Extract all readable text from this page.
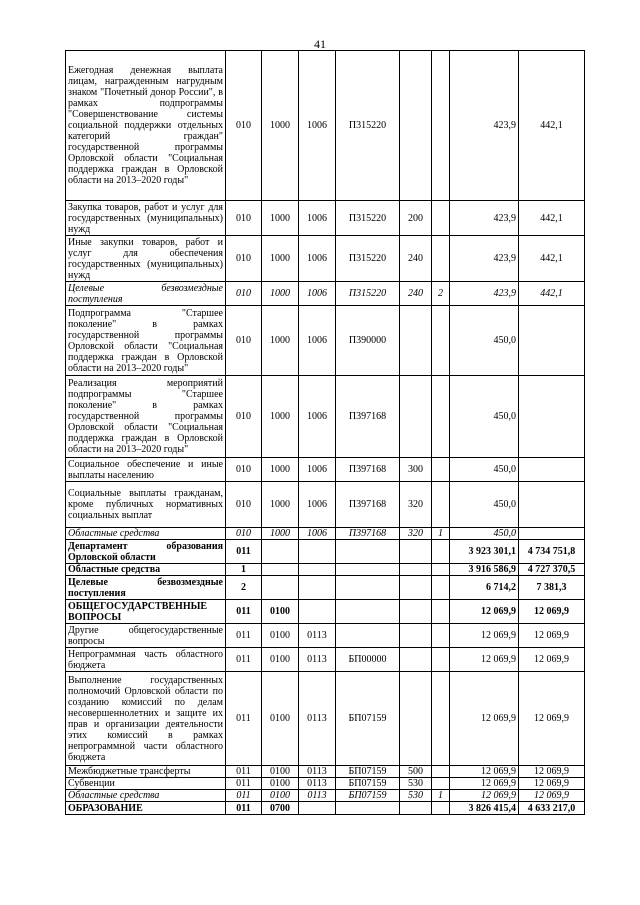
41
Ежегодная денежная выплата лицам, награжденным нагрудным знаком "Почетный донор России", в рамках подпрограммы "Совершенствование системы социальной поддержки отдельных категорий граждан" государственной программы Орловской области "Социальная поддержка граждан в Орловской области на 2013–2020 годы"	010	1000	1006	П315220			423,9	442,1
Закупка товаров, работ и услуг для государственных (муниципальных) нужд	010	1000	1006	П315220	200		423,9	442,1
Иные закупки товаров, работ и услуг для обеспечения государственных (муниципальных) нужд	010	1000	1006	П315220	240		423,9	442,1
Целевые безвозмездные поступления	010	1000	1006	П315220	240	2	423,9	442,1
Подпрограмма "Старшее поколение" в рамках государственной программы Орловской области "Социальная поддержка граждан в Орловской области на 2013–2020 годы"	010	1000	1006	П390000			450,0	
Реализация мероприятий подпрограммы "Старшее поколение" в рамках государственной программы Орловской области "Социальная поддержка граждан в Орловской области на 2013–2020 годы"	010	1000	1006	П397168			450,0	
Социальное обеспечение и иные выплаты населению	010	1000	1006	П397168	300		450,0	
Социальные выплаты гражданам, кроме публичных нормативных социальных выплат	010	1000	1006	П397168	320		450,0	
Областные средства	010	1000	1006	П397168	320	1	450,0	
Департамент образования Орловской области	011						3 923 301,1	4 734 751,8
Областные средства	1						3 916 586,9	4 727 370,5
Целевые безвозмездные поступления	2						6 714,2	7 381,3
ОБЩЕГОСУДАРСТВЕННЫЕ ВОПРОСЫ	011	0100					12 069,9	12 069,9
Другие общегосударственные вопросы	011	0100	0113				12 069,9	12 069,9
Непрограммная часть областного бюджета	011	0100	0113	БП00000			12 069,9	12 069,9
Выполнение государственных полномочий Орловской области по созданию комиссий по делам несовершеннолетних и защите их прав и организации деятельности этих комиссий в рамках непрограммной части областного бюджета	011	0100	0113	БП07159			12 069,9	12 069,9
Межбюджетные трансферты	011	0100	0113	БП07159	500		12 069,9	12 069,9
Субвенции	011	0100	0113	БП07159	530		12 069,9	12 069,9
Областные средства	011	0100	0113	БП07159	530	1	12 069,9	12 069,9
ОБРАЗОВАНИЕ	011	0700					3 826 415,4	4 633 217,0
